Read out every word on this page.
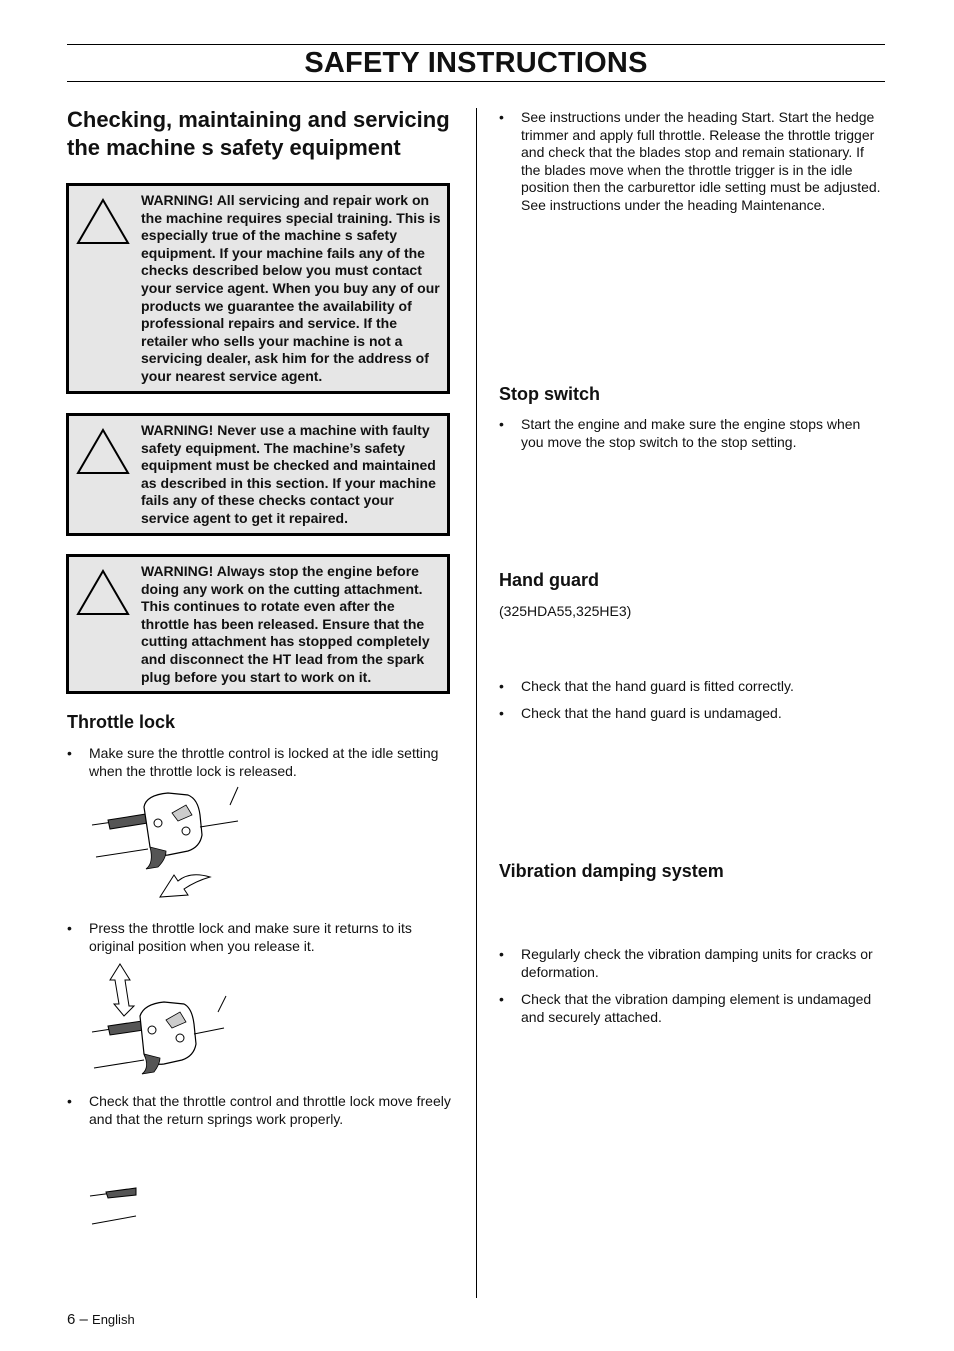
SAFETY INSTRUCTIONS
Checking, maintaining and servicing
the machine s safety equipment
WARNING! All servicing and repair work on
the machine requires special training. This is
especially true of the machine s safety
equipment. If your machine fails any of the
checks described below you must contact
your service agent. When you buy any of our
products we guarantee the availability of
professional repairs and service. If the
retailer who sells your machine is not a
servicing dealer, ask him for the address of
your nearest service agent.
WARNING! Never use a machine with faulty
safety equipment. The machine’s safety
equipment must be checked and maintained
as described in this section. If your machine
fails any of these checks contact your
service agent to get it repaired.
WARNING! Always stop the engine before
doing any work on the cutting attachment.
This continues to rotate even after the
throttle has been released. Ensure that the
cutting attachment has stopped completely
and disconnect the HT lead from the spark
plug before you start to work on it.
Throttle lock
• Make sure the throttle control is locked at the idle setting
when the throttle lock is released.
• Press the throttle lock and make sure it returns to its
original position when you release it.
• Check that the throttle control and throttle lock move freely
and that the return springs work properly.
• See instructions under the heading Start. Start the hedge
trimmer and apply full throttle. Release the throttle trigger
and check that the blades stop and remain stationary. If
the blades move when the throttle trigger is in the idle
position then the carburettor idle setting must be adjusted.
See instructions under the heading Maintenance.
Stop switch
• Start the engine and make sure the engine stops when
you move the stop switch to the stop setting.
Hand guard
(325HDA55,325HE3)
• Check that the hand guard is fitted correctly.
• Check that the hand guard is undamaged.
Vibration damping system
• Regularly check the vibration damping units for cracks or
deformation.
• Check that the vibration damping element is undamaged
and securely attached.
6 – English
